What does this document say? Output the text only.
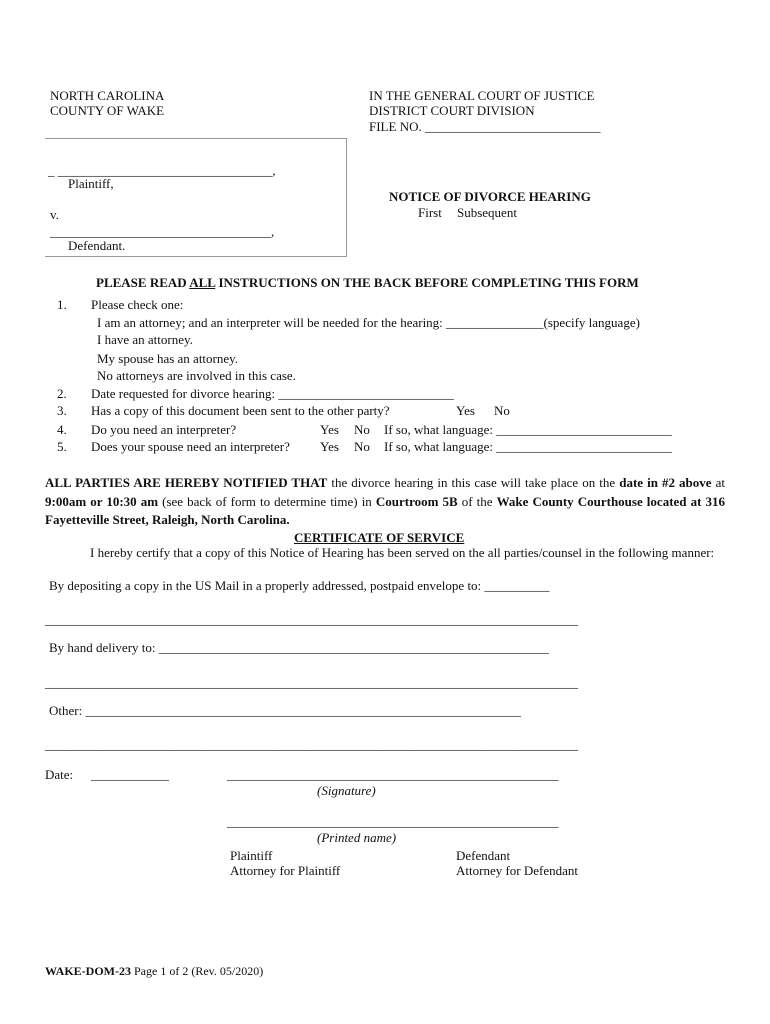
NORTH CAROLINA
COUNTY OF WAKE
IN THE GENERAL COURT OF JUSTICE
DISTRICT COURT DIVISION
FILE NO. ___________________________
_ _________________________________,
Plaintiff,
v.
__________________________________,
Defendant.
NOTICE OF DIVORCE HEARING
First Subsequent
PLEASE READ ALL INSTRUCTIONS ON THE BACK BEFORE COMPLETING THIS FORM
1. Please check one:
I am an attorney; and an interpreter will be needed for the hearing: _______________(specify language)
I have an attorney.
My spouse has an attorney.
No attorneys are involved in this case.
2. Date requested for divorce hearing: ___________________________
3. Has a copy of this document been sent to the other party?	Yes No
4. Do you need an interpreter?	Yes No If so, what language: ___________________________
5. Does your spouse need an interpreter? Yes No If so, what language: ___________________________
ALL PARTIES ARE HEREBY NOTIFIED THAT the divorce hearing in this case will take place on the date in #2 above at 9:00am or 10:30 am (see back of form to determine time) in Courtroom 5B of the Wake County Courthouse located at 316 Fayetteville Street, Raleigh, North Carolina.
CERTIFICATE OF SERVICE
I hereby certify that a copy of this Notice of Hearing has been served on the all parties/counsel in the following manner:
By depositing a copy in the US Mail in a properly addressed, postpaid envelope to: __________
__________________________________________________________________________________
By hand delivery to: ____________________________________________________________
__________________________________________________________________________________
Other: ___________________________________________________________________
__________________________________________________________________________________
Date: ____________	___________________________________________________
(Signature)
___________________________________________________
(Printed name)
Plaintiff
Attorney for Plaintiff
Defendant
Attorney for Defendant
WAKE-DOM-23 Page 1 of 2 (Rev. 05/2020)
